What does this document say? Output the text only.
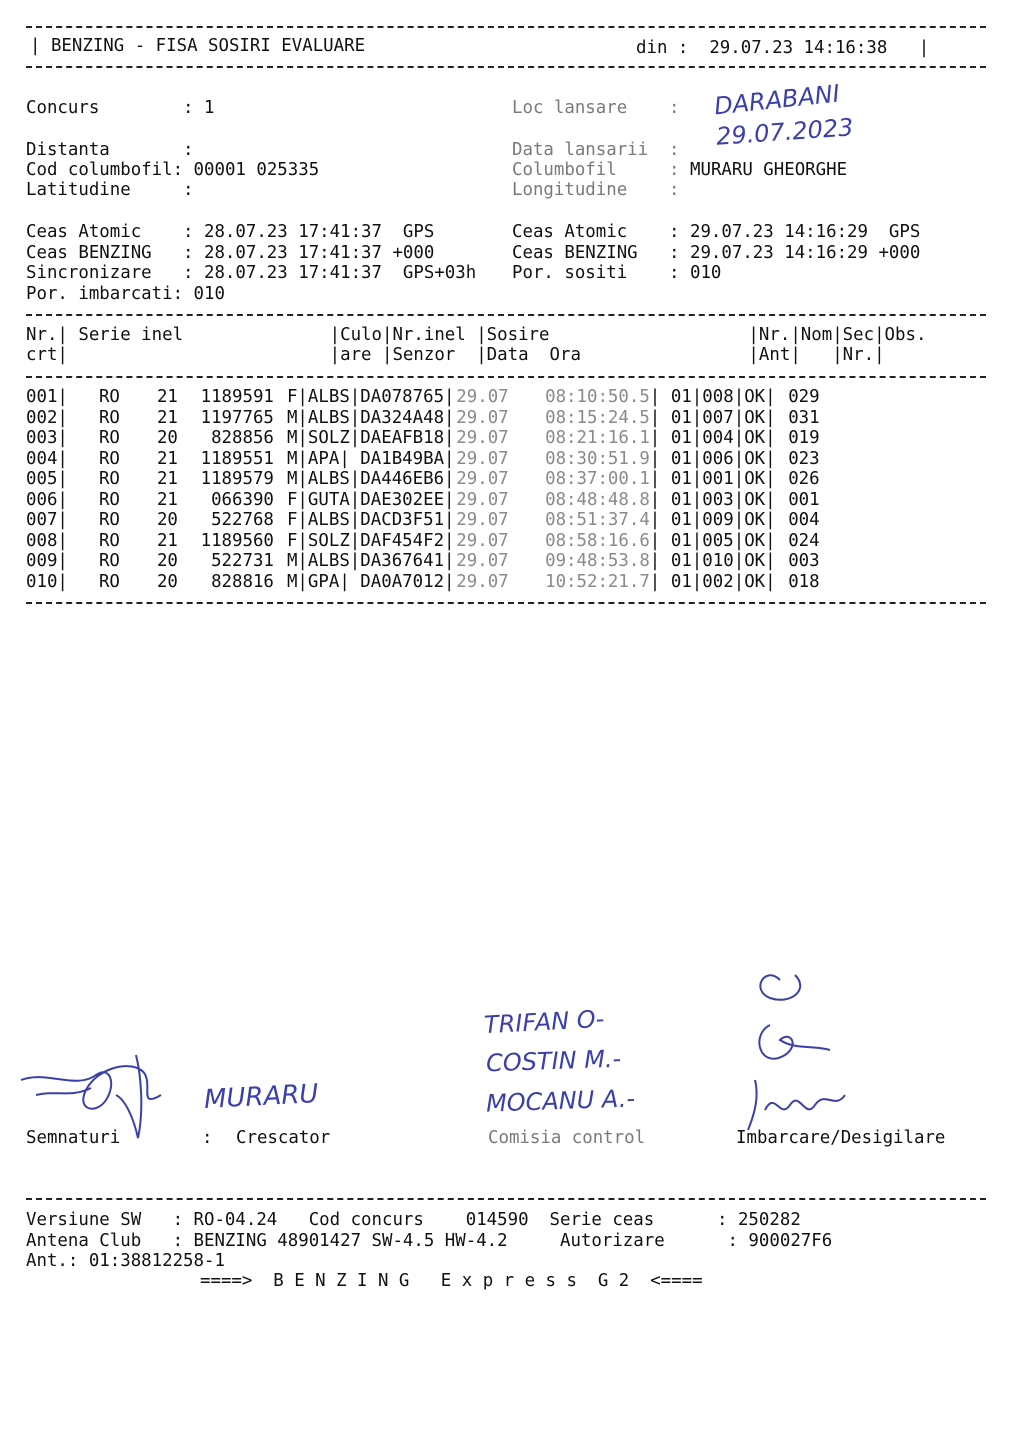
| BENZING - FISA SOSIRI EVALUARE	din : 29.07.23 14:16:38   |
Concurs        : 1	Loc lansare    : DARABANI
Distanta       :	Data lansarii  : 29.07.2023
Cod columbofil: 00001 025335	Columbofil     : MURARU GHEORGHE
Latitudine     :	Longitudine    :
Ceas Atomic    : 28.07.23 17:41:37  GPS
Ceas BENZING   : 28.07.23 17:41:37 +000
Sincronizare   : 28.07.23 17:41:37  GPS+03h
Por. imbarcati: 010
Ceas Atomic    : 29.07.23 14:16:29  GPS
Ceas BENZING   : 29.07.23 14:16:29 +000
Por. sositi    : 010
Nr.| Serie inel              |Culo|Nr.inel |Sosire                   |Nr.|Nom|Sec|Obs.
crt|                         |are |Senzor  |Data  Ora                |Ant|   |Nr.|
001|	RO	21	1189591	F|	ALBS|	DA078765|	29.07	08:10:50.5|	01|	008|	OK|	029
002|	RO	21	1197765	M|	ALBS|	DA324A48|	29.07	08:15:24.5|	01|	007|	OK|	031
003|	RO	20	828856	M|	SOLZ|	DAEAFB18|	29.07	08:21:16.1|	01|	004|	OK|	019
004|	RO	21	1189551	M|	APA|	DA1B49BA|	29.07	08:30:51.9|	01|	006|	OK|	023
005|	RO	21	1189579	M|	ALBS|	DA446EB6|	29.07	08:37:00.1|	01|	001|	OK|	026
006|	RO	21	066390	F|	GUTA|	DAE302EE|	29.07	08:48:48.8|	01|	003|	OK|	001
007|	RO	20	522768	F|	ALBS|	DACD3F51|	29.07	08:51:37.4|	01|	009|	OK|	004
008|	RO	21	1189560	F|	SOLZ|	DAF454F2|	29.07	08:58:16.6|	01|	005|	OK|	024
009|	RO	20	522731	M|	ALBS|	DA367641|	29.07	09:48:53.8|	01|	010|	OK|	003
010|	RO	20	828816	M|	GPA|	DA0A7012|	29.07	10:52:21.7|	01|	002|	OK|	018
MURARU
TRIFAN O-
COSTIN M.-
MOCANU A.-
Semnaturi	: Crescator	Comisia control	Imbarcare/Desigilare
Versiune SW   : RO-04.24   Cod concurs    014590  Serie ceas      : 250282
Antena Club   : BENZING 48901427 SW-4.5 HW-4.2     Autorizare      : 900027F6
Ant.: 01:38812258-1
====>  B E N Z I N G   E x p r e s s  G 2  <====
